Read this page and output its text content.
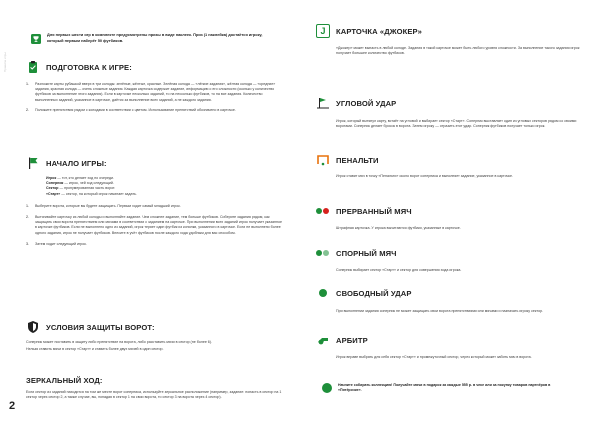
Правила игры
Для первых шести игр в комплекте предусмотрены призы в виде наклеек. Приз (1 наклейка) достаётся игроку, который первым наберёт 50 футбиков.
ПОДГОТОВКА К ИГРЕ:
1. Разложите карты рубашкой вверх в три колоды: зелёные, жёлтые, красные. Зелёная колода — «лёгкие задания», жёлтая колода — «средние» задания, красная колода — очень сложные задания. Каждая карточка содержит задание, информацию о его сложности (сколько у количество футбиков за выполнение этого задания). Если в карточке несколько заданий, то на несколько футбиков, то на все задания. Количество выполненных заданий, указанное в карточке, даётся за выполнение всех заданий, а не каждого задания.
2. Положите препятствия рядом с колодами в соответствии с цветом. Использование препятствий обозначено в карточке.
НАЧАЛО ИГРЫ:
Игрок — тот, кто делает ход по очереди.
Соперник — игрок, чей ход следующий.
Сектор — пронумерованная часть ворот.
«Старт» — сектор, на который игрок начинает задать.
1. Выберите ворота, которые вы будете защищать. Первым ходит самый младший игрок.
2. Вытягивайте карточку из любой колоды и выполняйте задание. Чем сложнее задание, тем больше футбиков. Соберите задания рядом, как защищать свои ворота препятствием или мячами в соответствии с заданием на карточке. При выполнении всех заданий игрок получает указанное в карточке футбиков. Если не выполнено одно из заданий, игрок теряет один футбик из копилки, указанного в карточке. Если не выполнено более одного задания, игрок не получает футбиков. Внесите в учёт футбиков после каждого хода удобным для вас способом.
3. Затем ходит следующий игрок.
УСЛОВИЯ ЗАЩИТЫ ВОРОТ:
Соперник может поставить в защиту либо препятствие на ворота, либо расставить мячи в сектор (не более 6).
Нельзя ставить мячи в сектор «Старт» и ставить более двух мячей в один сектор.
ЗЕРКАЛЬНЫЙ ХОД:
Если сектор из заданий находится на том же месте ворот соперника, используйте зеркальное расположение (например, задание: попасть в сектор на 1 сектор через сектор 2, а также случае, вы, попадая в сектор 1 на свои ворота, то сектор 3 на ворота через 4 сектор).
J	КАРТОЧКА «ДЖОКЕР»
«Джокер» может выпасть в любой колоде. Задания в такой карточке может быть любого уровня сложности. За выполнение такого задания игрок получает большее количество футбиков.
УГЛОВОЙ УДАР
Игрок, который вытянул карту, встаёт на угловой и выбирает сектор «Старт». Соперник выставляет один из угловых секторов рядом со своими воротами. Соперник делает бросок в ворота. Затем игроку — отразить этот удар. Соперник футбиков получает только игрок.
ПЕНАЛЬТИ
Игрок ставит мяч в точку «Пенальти» около ворот соперника и выполняет задание, указанное в карточке.
ПРЕРВАННЫЙ МЯЧ
Штрафная карточка. У игрока вычитаются футбики, указанные в карточке.
СПОРНЫЙ МЯЧ
Соперник выбирает сектор «Старт» и сектор для совершения хода игрока.
СВОБОДНЫЙ УДАР
При выполнении задания соперник не может защищать свои ворота препятствиями или мячами и назначать игроку сектор.
АРБИТР
Игрок вправе выбрать для себя сектор «Старт» и промежуточный сектор, через который может забить мяч в ворота.
Начните собирать коллекцию! Получайте мячи в подарок за каждые 555 р. в чеке или за покупку товаров партнёров в «Пятёрочке».
2
